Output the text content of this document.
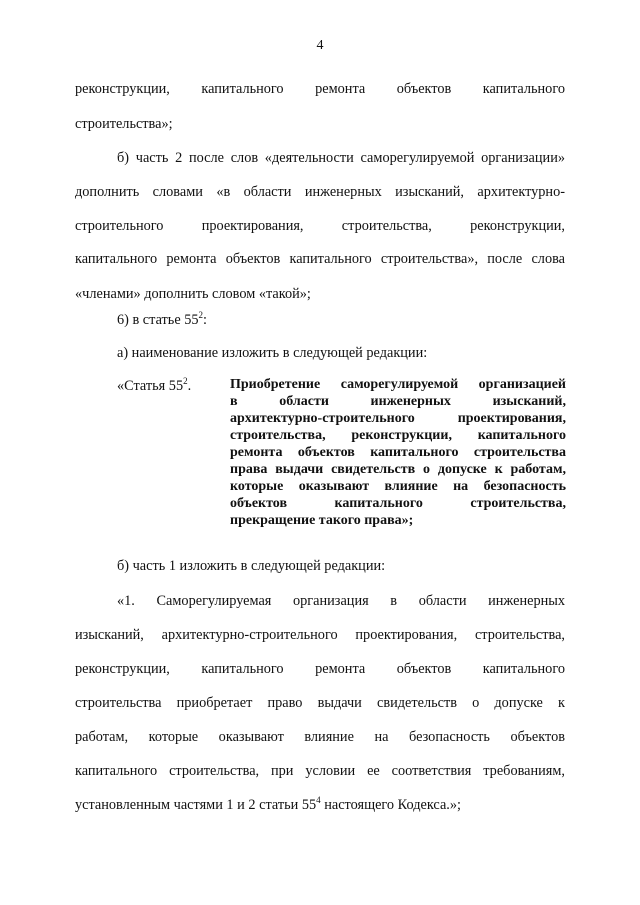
4
реконструкции, капитального ремонта объектов капитального
строительства»;
б) часть 2 после слов «деятельности саморегулируемой организации»
дополнить словами «в области инженерных изысканий, архитектурно-
строительного проектирования, строительства, реконструкции,
капитального ремонта объектов капитального строительства», после слова
«членами» дополнить словом «такой»;
6) в статье $55^2$:
а) наименование изложить в следующей редакции:
«Статья $55^2$.	Приобретение саморегулируемой организацией
в области инженерных изысканий,
архитектурно-строительного проектирования,
строительства, реконструкции, капитального
ремонта объектов капитального строительства
права выдачи свидетельств о допуске к работам,
которые оказывают влияние на безопасность
объектов капитального строительства,
прекращение такого права»;
б) часть 1 изложить в следующей редакции:
«1. Саморегулируемая организация в области инженерных
изысканий, архитектурно-строительного проектирования, строительства,
реконструкции, капитального ремонта объектов капитального
строительства приобретает право выдачи свидетельств о допуске к
работам, которые оказывают влияние на безопасность объектов
капитального строительства, при условии ее соответствия требованиям,
установленным частями 1 и 2 статьи $55^4$ настоящего Кодекса.»;
